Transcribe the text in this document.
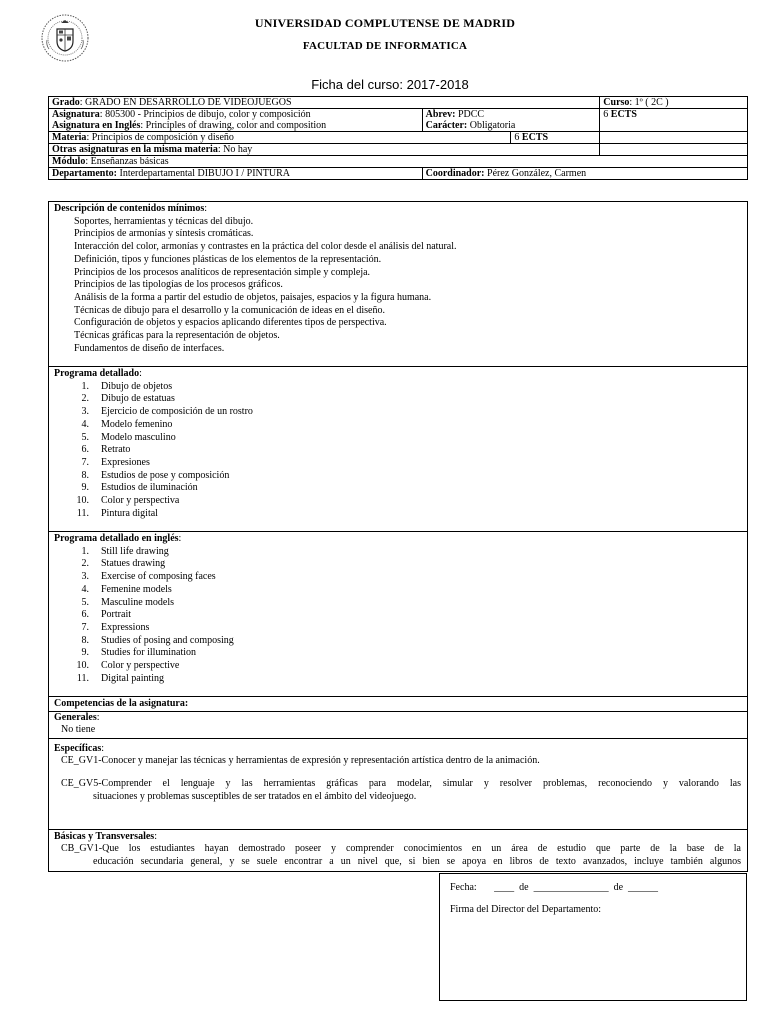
UNIVERSIDAD COMPLUTENSE DE MADRID
FACULTAD DE INFORMATICA
Ficha del curso: 2017-2018
Grado: GRADO EN DESARROLLO DE VIDEOJUEGOS			Curso: 1º ( 2C )
Asignatura: 805300 - Principios de dibujo, color y composición	Abrev: PDCC		6 ECTS
Asignatura en Inglés: Principles of drawing, color and composition	Carácter: Obligatoria		
Materia: Principios de composición y diseño		6 ECTS	
Otras asignaturas en la misma materia: No hay			
Módulo: Enseñanzas básicas			
Departamento: Interdepartamental DIBUJO I / PINTURA	Coordinador: Pérez González, Carmen		
Descripción de contenidos mínimos:
Soportes, herramientas y técnicas del dibujo.
Principios de armonías y síntesis cromáticas.
Interacción del color, armonías y contrastes en la práctica del color desde el análisis del natural.
Definición, tipos y funciones plásticas de los elementos de la representación.
Principios de los procesos analíticos de representación simple y compleja.
Principios de las tipologías de los procesos gráficos.
Análisis de la forma a partir del estudio de objetos, paisajes, espacios y la figura humana.
Técnicas de dibujo para el desarrollo y la comunicación de ideas en el diseño.
Configuración de objetos y espacios aplicando diferentes tipos de perspectiva.
Técnicas gráficas para la representación de objetos.
Fundamentos de diseño de interfaces.
Programa detallado:
1. Dibujo de objetos
2. Dibujo de estatuas
3. Ejercicio de composición de un rostro
4. Modelo femenino
5. Modelo masculino
6. Retrato
7. Expresiones
8. Estudios de pose y composición
9. Estudios de iluminación
10. Color y perspectiva
11. Pintura digital
Programa detallado en inglés:
1. Still life drawing
2. Statues drawing
3. Exercise of composing faces
4. Femenine models
5. Masculine models
6. Portrait
7. Expressions
8. Studies of posing and composing
9. Studies for illumination
10. Color y perspective
11. Digital painting
Competencias de la asignatura:
Generales:
No tiene
Específicas:
CE_GV1-Conocer y manejar las técnicas y herramientas de expresión y representación artística dentro de la animación.
CE_GV5-Comprender el lenguaje y las herramientas gráficas para modelar, simular y resolver problemas, reconociendo y valorando las
situaciones y problemas susceptibles de ser tratados en el ámbito del videojuego.
Básicas y Transversales:
CB_GV1-Que los estudiantes hayan demostrado poseer y comprender conocimientos en un área de estudio que parte de la base de la
educación secundaria general, y se suele encontrar a un nivel que, si bien se apoya en libros de texto avanzados, incluye también algunos
Fecha:       ____  de  _______________  de  ______
Firma del Director del Departamento:
